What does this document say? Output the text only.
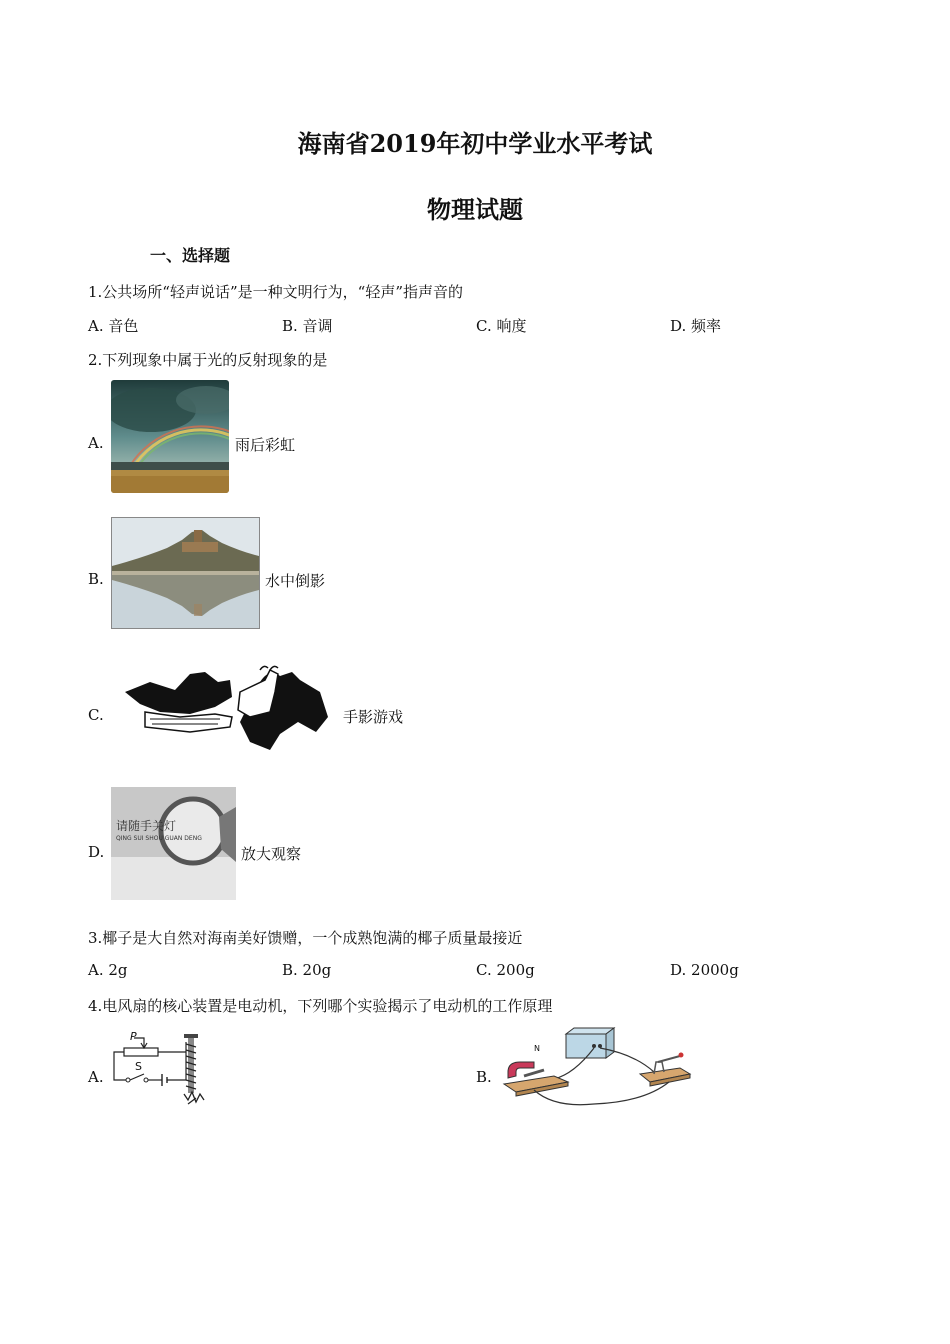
海南省2019年初中学业水平考试
物理试题
一、选择题
1.公共场所“轻声说话”是一种文明行为，“轻声”指声音的
A. 音色	B. 音调	C. 响度	D. 频率
2.下列现象中属于光的反射现象的是
A.	雨后彩虹
B.	水中倒影
C.	手影游戏
D.
请随手关灯
QING SUI SHOU GUAN DENG
放大观察
3.椰子是大自然对海南美好馈赠，一个成熟饱满的椰子质量最接近
A. 2g	B. 20g	C. 200g	D. 2000g
4.电风扇的核心装置是电动机，下列哪个实验揭示了电动机的工作原理
A.
P
S
B.
N
